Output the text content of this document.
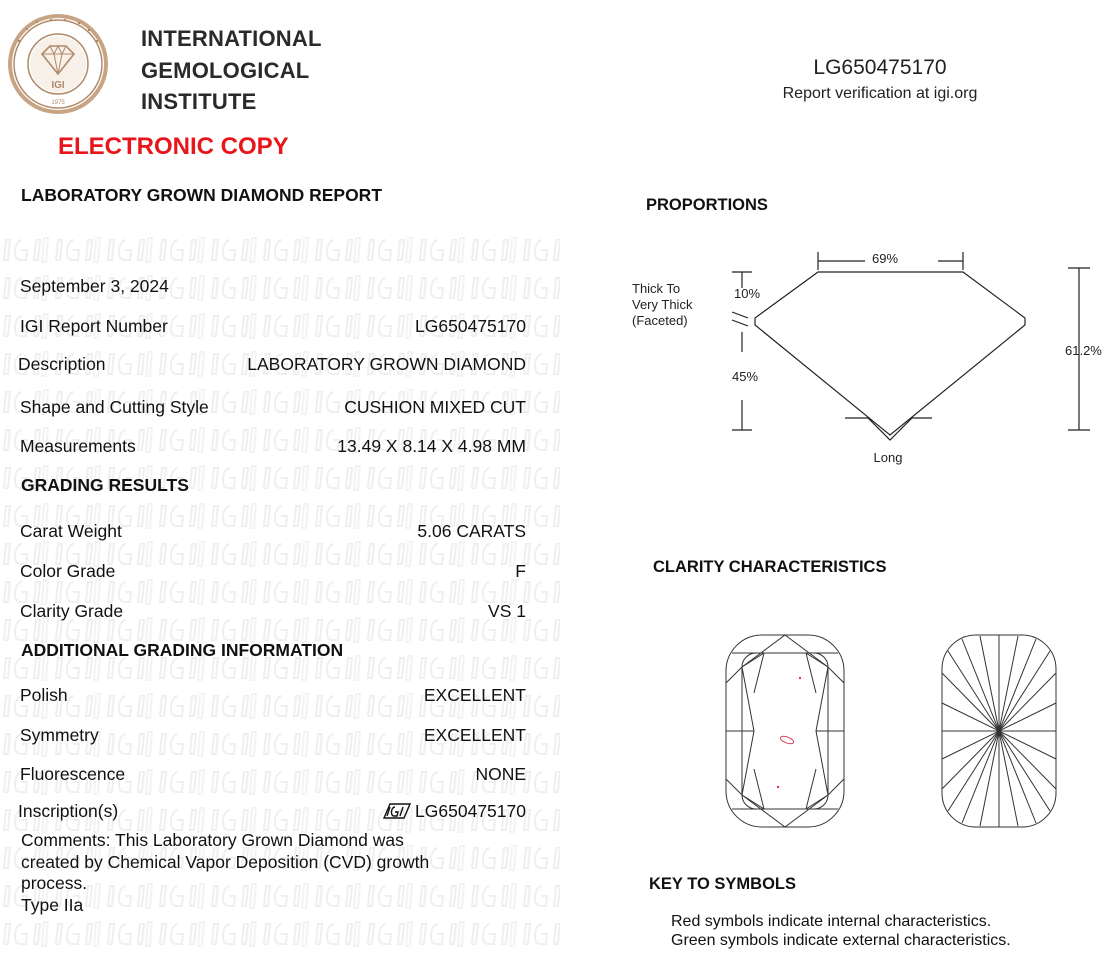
IGI
1975
INTERNATIONAL
GEMOLOGICAL
INSTITUTE
ELECTRONIC COPY
LG650475170
Report verification at igi.org
LABORATORY GROWN DIAMOND REPORT
September 3, 2024
IGI Report Number	LG650475170
Description	LABORATORY GROWN DIAMOND
Shape and Cutting Style	CUSHION MIXED CUT
Measurements	13.49 X 8.14 X 4.98 MM
GRADING RESULTS
Carat Weight	5.06 CARATS
Color Grade	F
Clarity Grade	VS 1
ADDITIONAL GRADING INFORMATION
Polish	EXCELLENT
Symmetry	EXCELLENT
Fluorescence	NONE
Inscription(s)	LG650475170
Comments: This Laboratory Grown Diamond was
created by Chemical Vapor Deposition (CVD) growth
process.
Type IIa
PROPORTIONS
69%
10%
Thick To
Very Thick
(Faceted)
45%
61.2%
Long
CLARITY CHARACTERISTICS
KEY TO SYMBOLS
Red symbols indicate internal characteristics.
Green symbols indicate external characteristics.
